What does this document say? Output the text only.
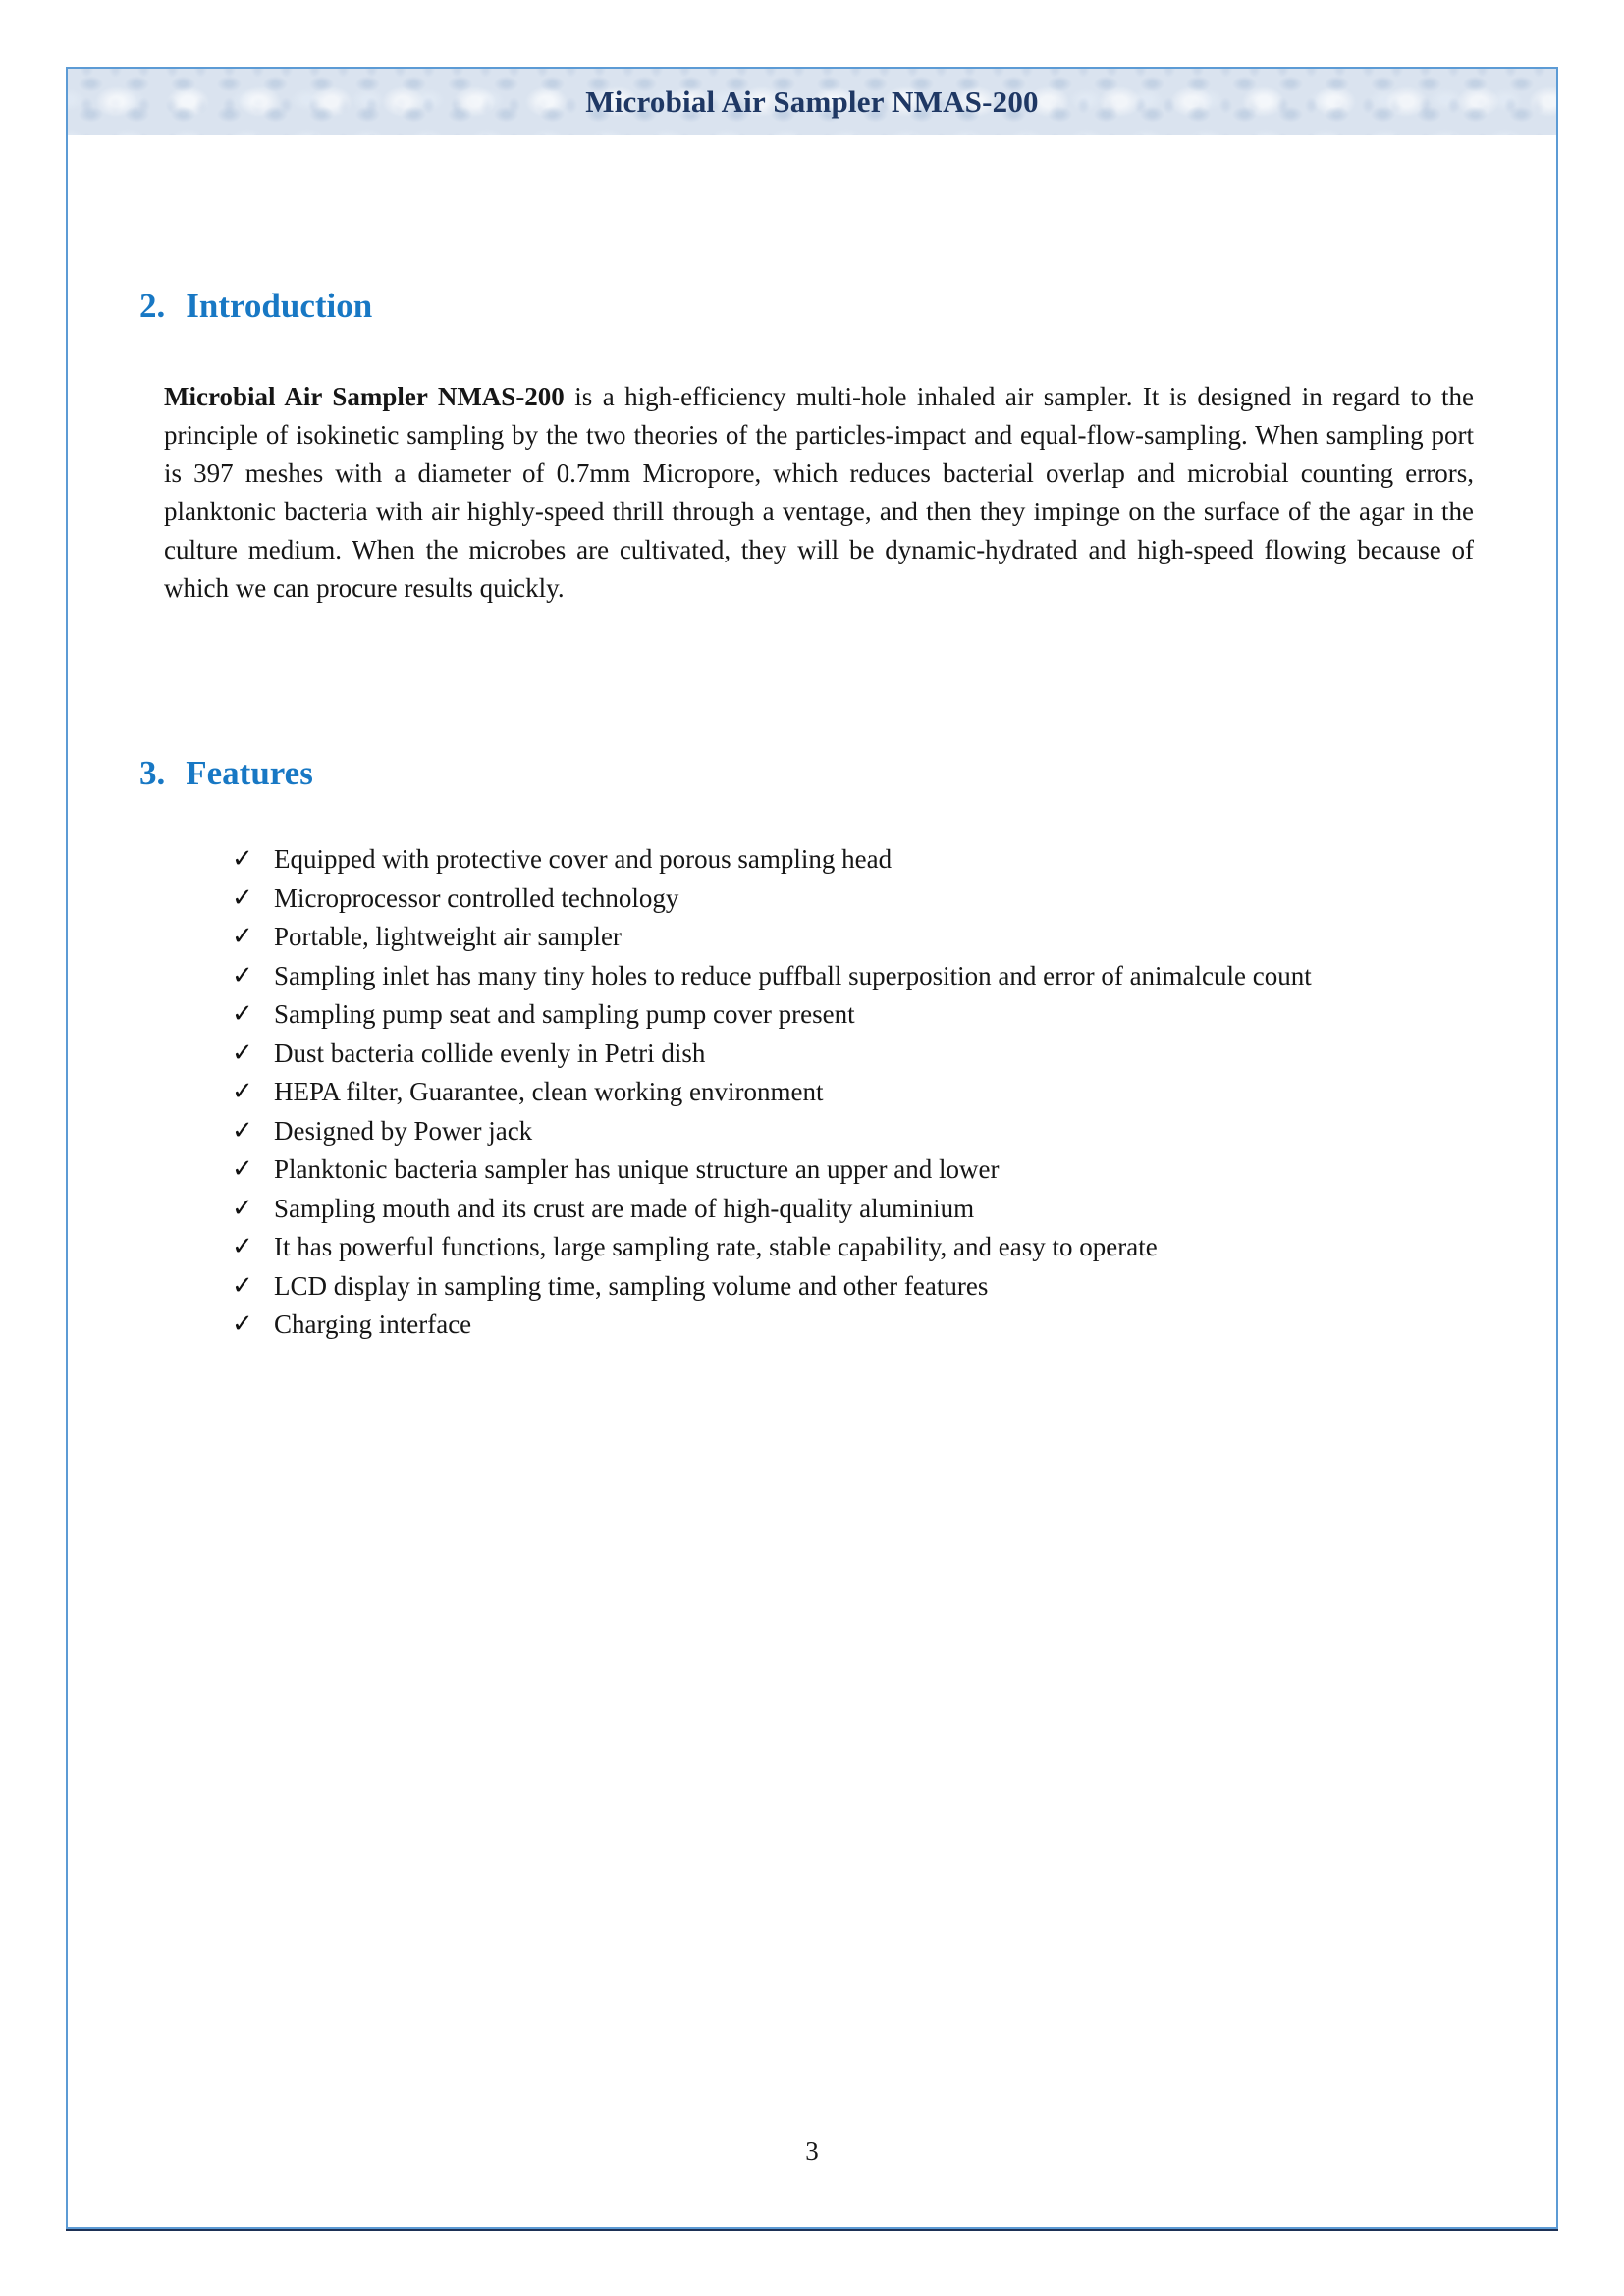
Microbial Air Sampler NMAS-200
2. Introduction

Microbial Air Sampler NMAS-200 is a high-efficiency multi-hole inhaled air sampler. It is designed in regard to the principle of isokinetic sampling by the two theories of the particles-impact and equal-flow-sampling. When sampling port is 397 meshes with a diameter of 0.7mm Micropore, which reduces bacterial overlap and microbial counting errors, planktonic bacteria with air highly-speed thrill through a ventage, and then they impinge on the surface of the agar in the culture medium. When the microbes are cultivated, they will be dynamic-hydrated and high-speed flowing because of which we can procure results quickly.

3. Features
✓ Equipped with protective cover and porous sampling head
✓ Microprocessor controlled technology
✓ Portable, lightweight air sampler
✓ Sampling inlet has many tiny holes to reduce puffball superposition and error of animalcule count
✓ Sampling pump seat and sampling pump cover present
✓ Dust bacteria collide evenly in Petri dish
✓ HEPA filter, Guarantee, clean working environment
✓ Designed by Power jack
✓ Planktonic bacteria sampler has unique structure an upper and lower
✓ Sampling mouth and its crust are made of high-quality aluminium
✓ It has powerful functions, large sampling rate, stable capability, and easy to operate
✓ LCD display in sampling time, sampling volume and other features
✓ Charging interface
3
